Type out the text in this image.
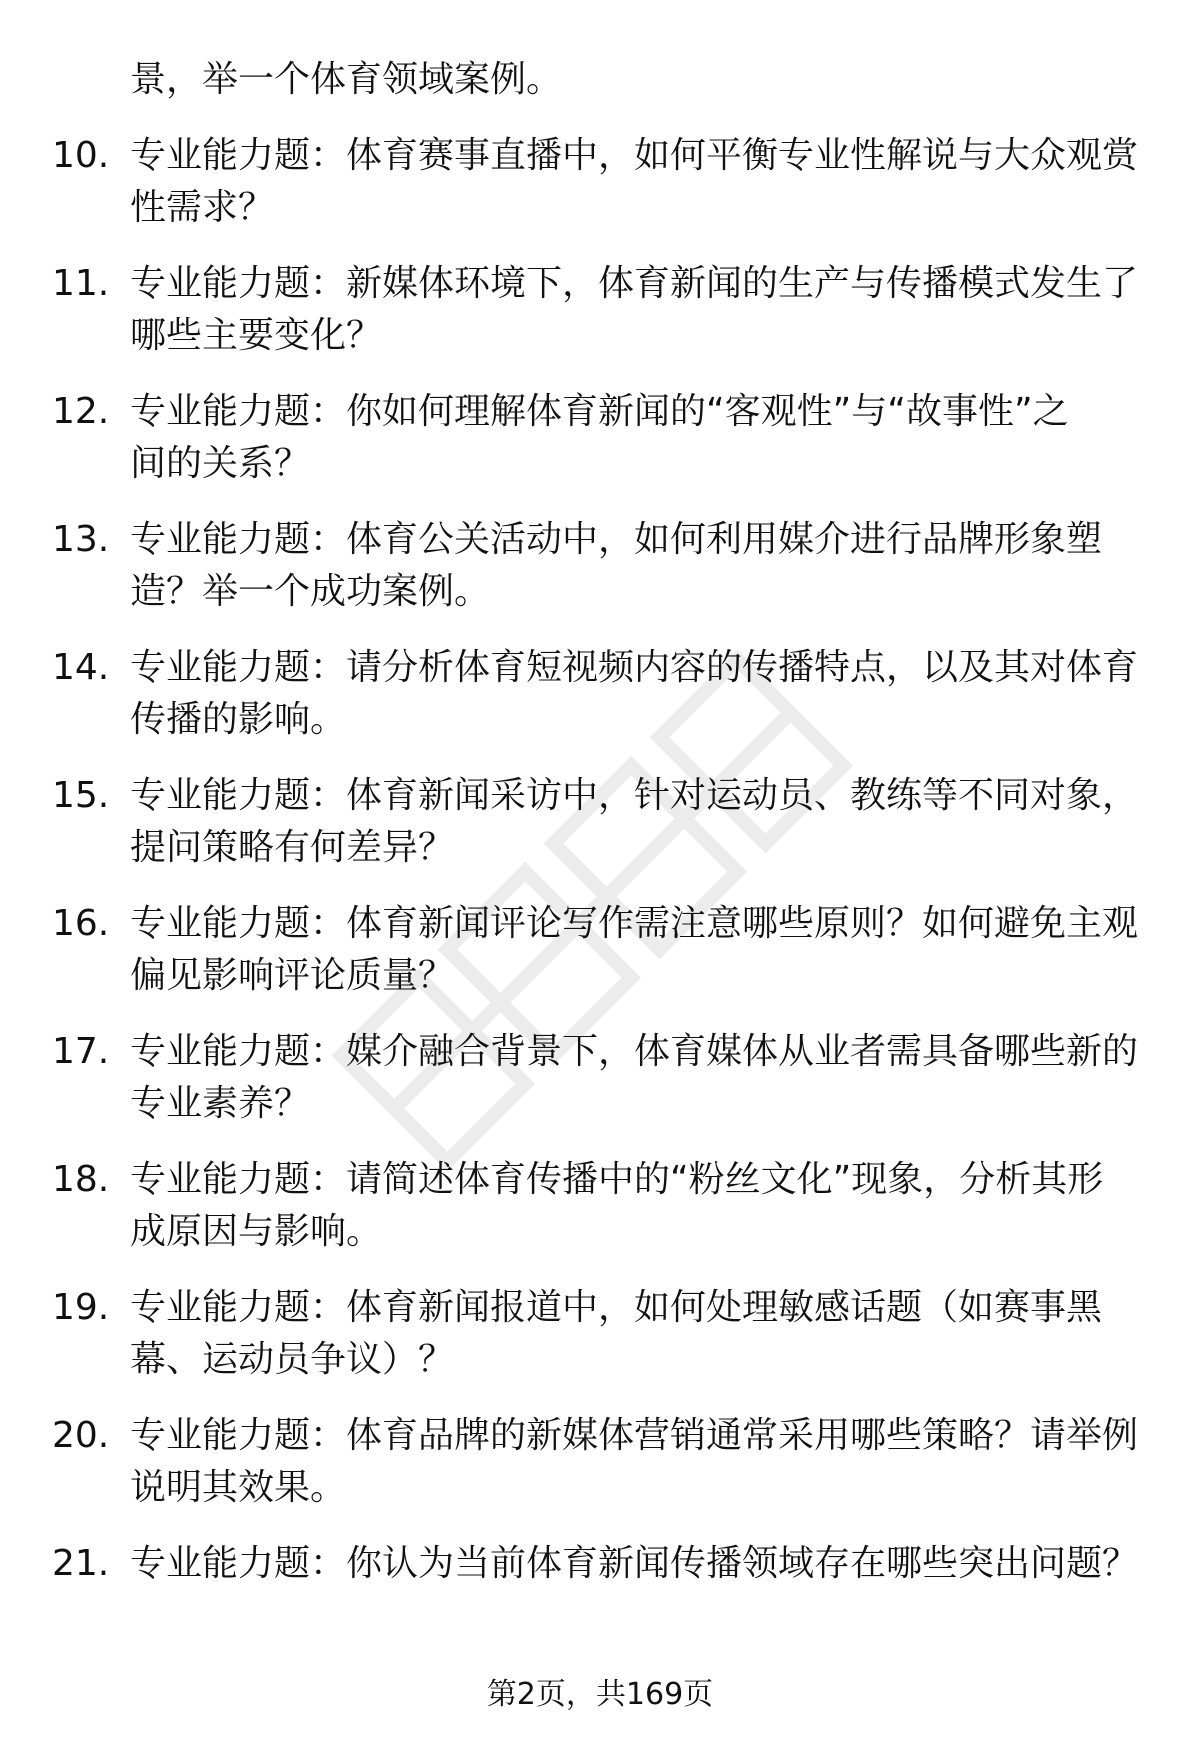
景，举一个体育领域案例。
10. 专业能力题：体育赛事直播中，如何平衡专业性解说与大众观赏
性需求？
11. 专业能力题：新媒体环境下，体育新闻的生产与传播模式发生了
哪些主要变化？
12. 专业能力题：你如何理解体育新闻的“客观性”与“故事性”之
间的关系？
13. 专业能力题：体育公关活动中，如何利用媒介进行品牌形象塑
造？举一个成功案例。
14. 专业能力题：请分析体育短视频内容的传播特点，以及其对体育
传播的影响。
15. 专业能力题：体育新闻采访中，针对运动员、教练等不同对象，
提问策略有何差异？
16. 专业能力题：体育新闻评论写作需注意哪些原则？如何避免主观
偏见影响评论质量？
17. 专业能力题：媒介融合背景下，体育媒体从业者需具备哪些新的
专业素养？
18. 专业能力题：请简述体育传播中的“粉丝文化”现象，分析其形
成原因与影响。
19. 专业能力题：体育新闻报道中，如何处理敏感话题（如赛事黑
幕、运动员争议）？
20. 专业能力题：体育品牌的新媒体营销通常采用哪些策略？请举例
说明其效果。
21. 专业能力题：你认为当前体育新闻传播领域存在哪些突出问题？
第2页，共169页
